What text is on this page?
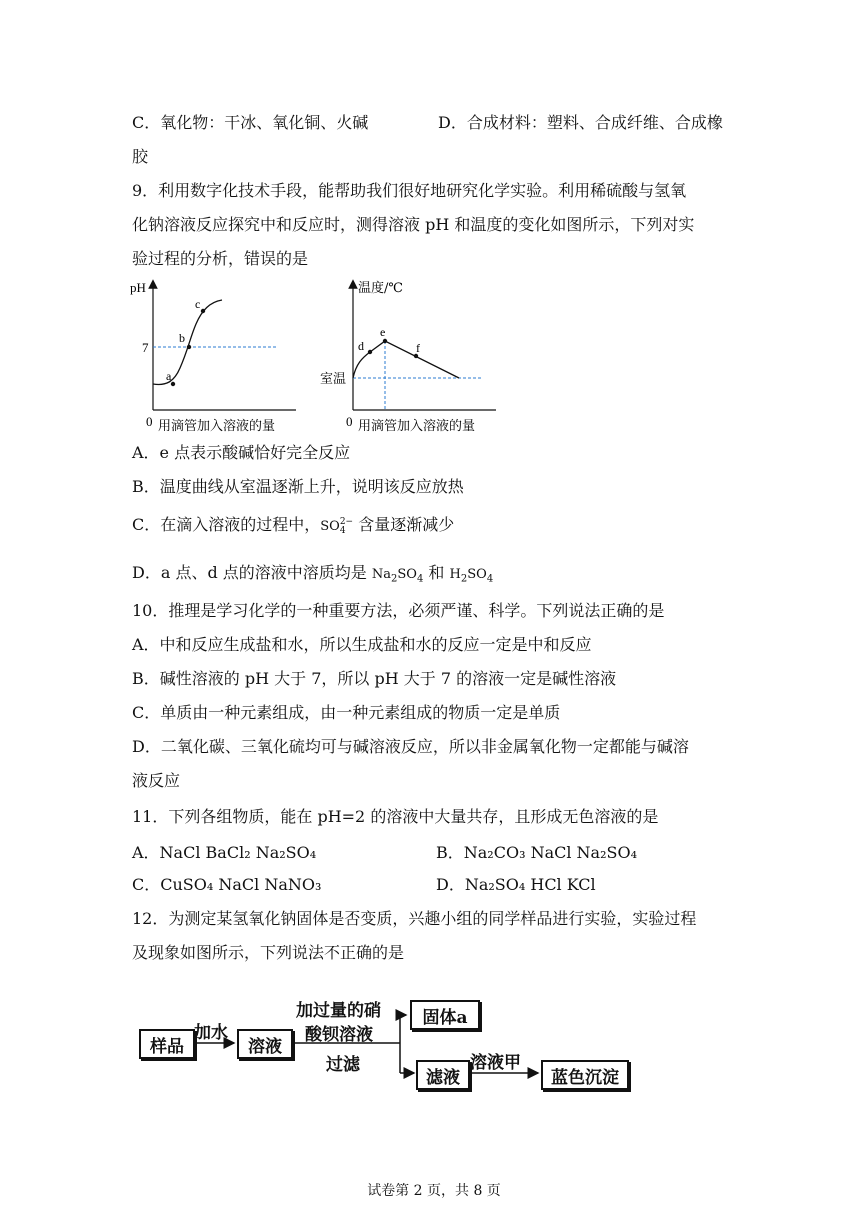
C．氧化物：干冰、氧化铜、火碱	D．合成材料：塑料、合成纤维、合成橡
胶
9．利用数字化技术手段，能帮助我们很好地研究化学实验。利用稀硫酸与氢氧
化钠溶液反应探究中和反应时，测得溶液 pH 和温度的变化如图所示，下列对实
验过程的分析，错误的是
pH
7
0 用滴管加入溶液的量
a
b
c
温度/℃
室温
0 用滴管加入溶液的量
d
e
f
A．e 点表示酸碱恰好完全反应
B．温度曲线从室温逐渐上升，说明该反应放热
C．在滴入溶液的过程中，SO 2−
4 含量逐渐减少
D．a 点、d 点的溶液中溶质均是 $Na_2SO_4$ 和 $H_2SO_4$
10．推理是学习化学的一种重要方法，必须严谨、科学。下列说法正确的是
A．中和反应生成盐和水，所以生成盐和水的反应一定是中和反应
B．碱性溶液的 pH 大于 7，所以 pH 大于 7 的溶液一定是碱性溶液
C．单质由一种元素组成，由一种元素组成的物质一定是单质
D．二氧化碳、三氧化硫均可与碱溶液反应，所以非金属氧化物一定都能与碱溶
液反应
11．下列各组物质，能在 pH=2 的溶液中大量共存，且形成无色溶液的是
A．NaCl BaCl₂ Na₂SO₄	B．Na₂CO₃ NaCl Na₂SO₄
C．CuSO₄ NaCl NaNO₃	D．Na₂SO₄ HCl KCl
12．为测定某氢氧化钠固体是否变质，兴趣小组的同学样品进行实验，实验过程
及现象如图所示，下列说法不正确的是
样品
加水
溶液
加过量的硝
酸钡溶液
过滤
固体a
滤液
溶液甲
蓝色沉淀
试卷第 2 页，共 8 页
